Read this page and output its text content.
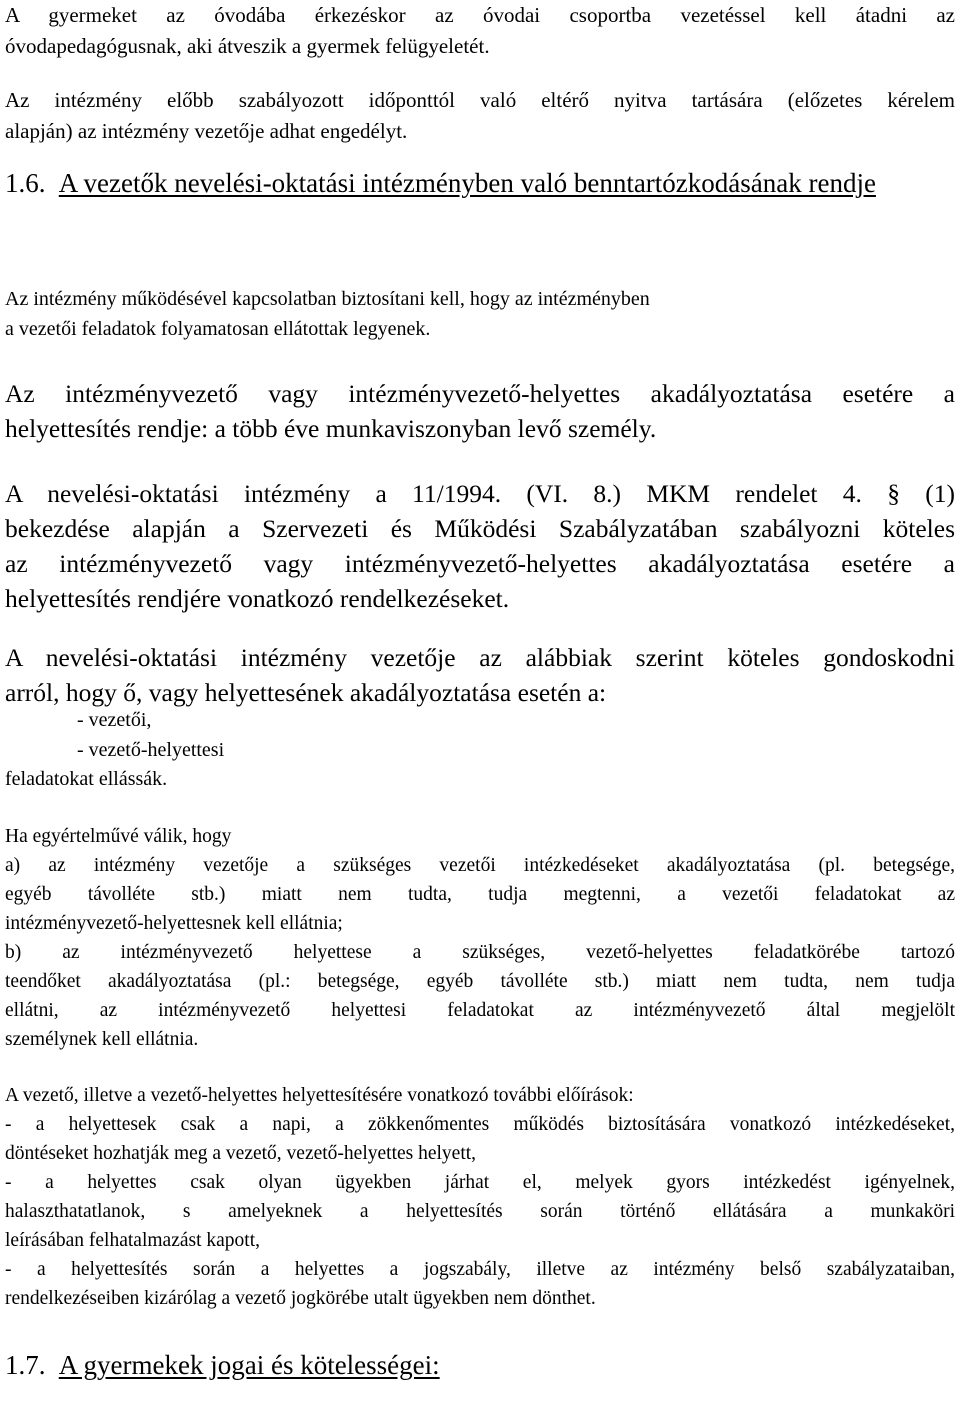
A gyermeket az óvodába érkezéskor az óvodai csoportba vezetéssel kell átadni az

óvodapedagógusnak, aki átveszik a gyermek felügyeletét.

Az intézmény előbb szabályozott időponttól való eltérő nyitva tartására (előzetes kérelem

alapján) az intézmény vezetője adhat engedélyt.

1.6. A vezetők nevelési-oktatási intézményben való benntartózkodásának rendje

Az intézmény működésével kapcsolatban biztosítani kell, hogy az intézményben

a vezetői feladatok folyamatosan ellátottak legyenek.

Az intézményvezető vagy intézményvezető-helyettes akadályoztatása esetére a

helyettesítés rendje: a több éve munkaviszonyban levő személy.

A nevelési-oktatási intézmény a 11/1994. (VI. 8.) MKM rendelet 4. § (1)

bekezdése alapján a Szervezeti és Működési Szabályzatában szabályozni köteles

az intézményvezető vagy intézményvezető-helyettes akadályoztatása esetére a

helyettesítés rendjére vonatkozó rendelkezéseket.

A nevelési-oktatási intézmény vezetője az alábbiak szerint köteles gondoskodni

arról, hogy ő, vagy helyettesének akadályoztatása esetén a:

- vezetői,

- vezető-helyettesi

feladatokat ellássák.

Ha egyértelművé válik, hogy

a) az intézmény vezetője a szükséges vezetői intézkedéseket akadályoztatása (pl. betegsége,

egyéb távolléte stb.) miatt nem tudta, tudja megtenni, a vezetői feladatokat az

intézményvezető-helyettesnek kell ellátnia;

b) az intézményvezető helyettese a szükséges, vezető-helyettes feladatkörébe tartozó

teendőket akadályoztatása (pl.: betegsége, egyéb távolléte stb.) miatt nem tudta, nem tudja

ellátni, az intézményvezető helyettesi feladatokat az intézményvezető által megjelölt

személynek kell ellátnia.

A vezető, illetve a vezető-helyettes helyettesítésére vonatkozó további előírások:

- a helyettesek csak a napi, a zökkenőmentes működés biztosítására vonatkozó intézkedéseket,

döntéseket hozhatják meg a vezető, vezető-helyettes helyett,

- a helyettes csak olyan ügyekben járhat el, melyek gyors intézkedést igényelnek,

halaszthatatlanok, s amelyeknek a helyettesítés során történő ellátására a munkaköri

leírásában felhatalmazást kapott,

- a helyettesítés során a helyettes a jogszabály, illetve az intézmény belső szabályzataiban,

rendelkezéseiben kizárólag a vezető jogkörébe utalt ügyekben nem dönthet.

1.7. A gyermekek jogai és kötelességei:
